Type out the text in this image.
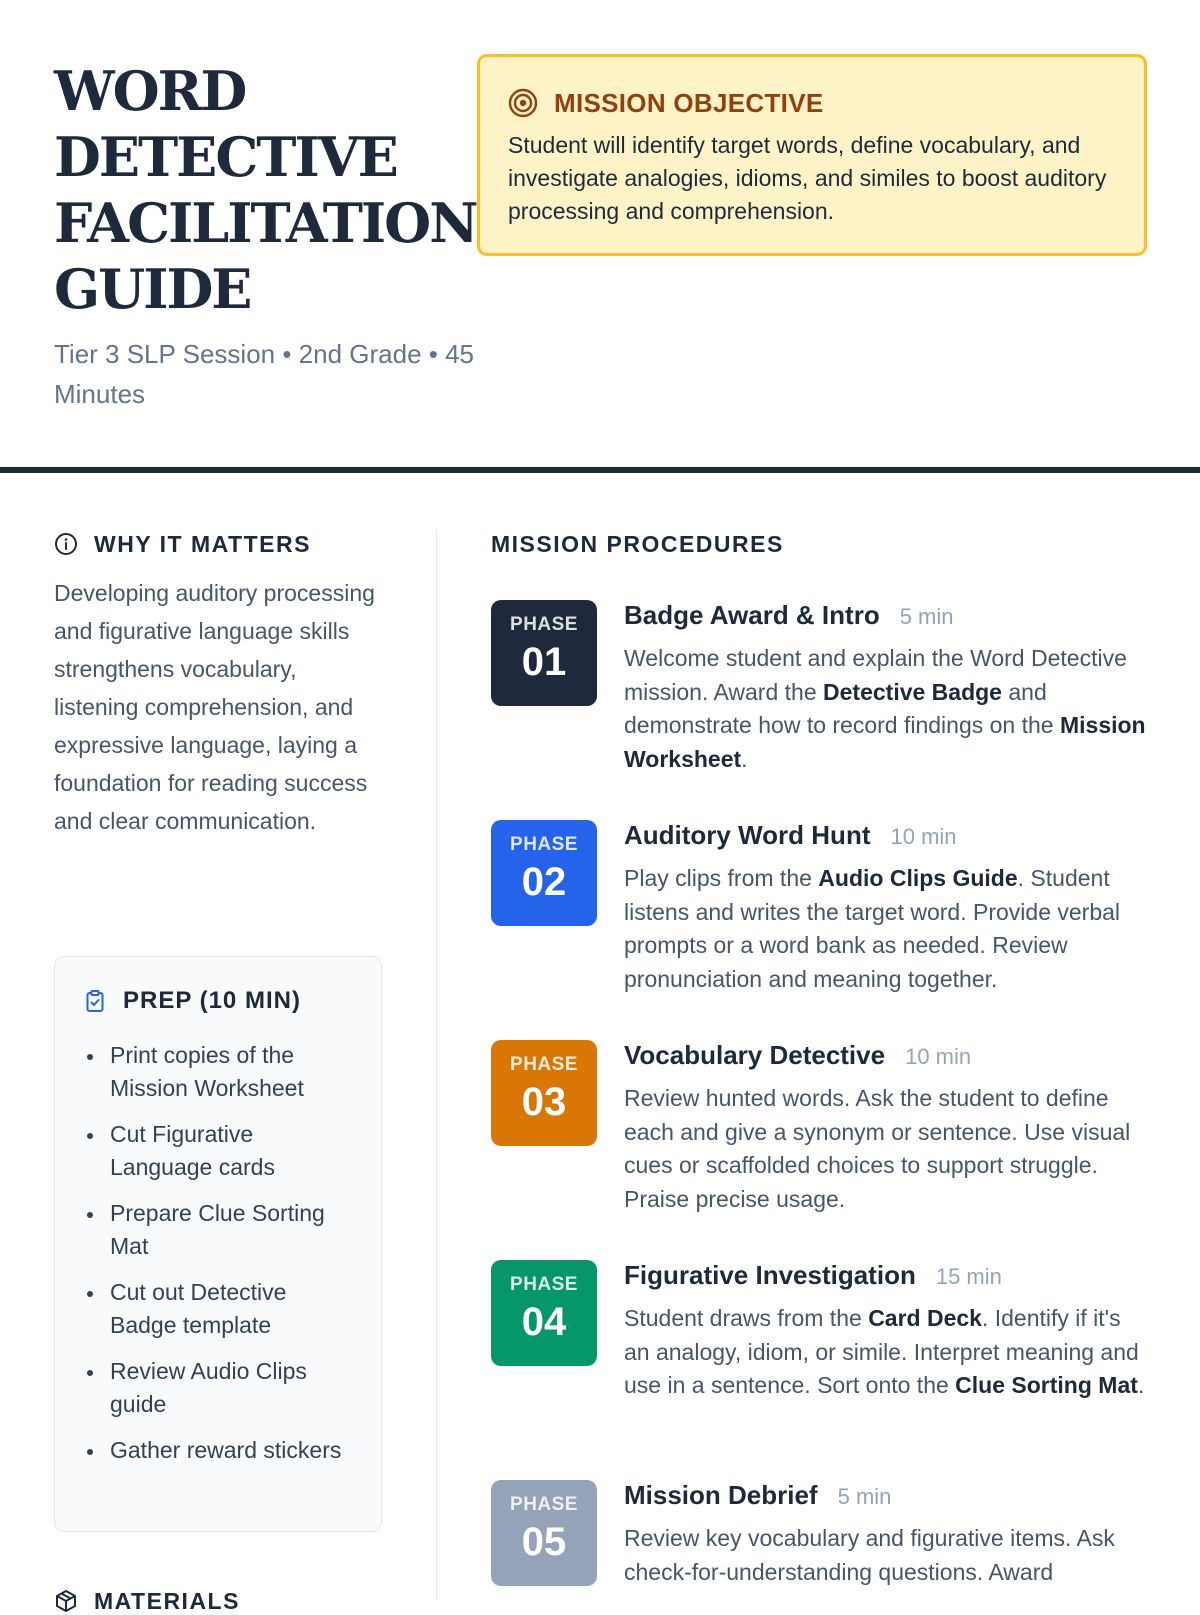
WORD DETECTIVE FACILITATION GUIDE
Tier 3 SLP Session • 2nd Grade • 45 Minutes
MISSION OBJECTIVE

Student will identify target words, define vocabulary, and investigate analogies, idioms, and similes to boost auditory processing and comprehension.

WHY IT MATTERS

Developing auditory processing and figurative language skills strengthens vocabulary, listening comprehension, and expressive language, laying a foundation for reading success and clear communication.

PREP (10 MIN)
Print copies of the Mission Worksheet
Cut Figurative Language cards
Prepare Clue Sorting Mat
Cut out Detective Badge template
Review Audio Clips guide
Gather reward stickers
MATERIALS
MISSION PROCEDURES
PHASE
01
Badge Award & Intro 5 min

Welcome student and explain the Word Detective mission. Award the Detective Badge and demonstrate how to record findings on the Mission Worksheet.

PHASE
02
Auditory Word Hunt 10 min

Play clips from the Audio Clips Guide. Student listens and writes the target word. Provide verbal prompts or a word bank as needed. Review pronunciation and meaning together.

PHASE
03
Vocabulary Detective 10 min

Review hunted words. Ask the student to define each and give a synonym or sentence. Use visual cues or scaffolded choices to support struggle. Praise precise usage.

PHASE
04
Figurative Investigation 15 min

Student draws from the Card Deck. Identify if it's an analogy, idiom, or simile. Interpret meaning and use in a sentence. Sort onto the Clue Sorting Mat.

PHASE
05
Mission Debrief 5 min

Review key vocabulary and figurative items. Ask check-for-understanding questions. Award
